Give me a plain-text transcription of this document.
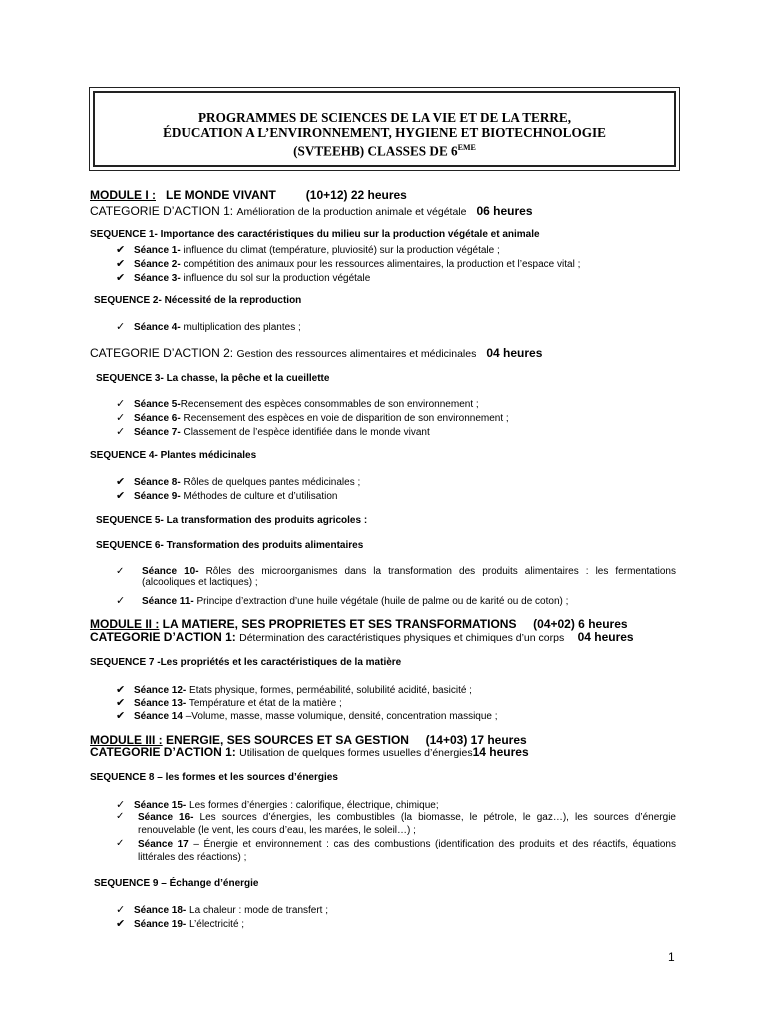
PROGRAMMES DE SCIENCES DE LA VIE ET DE LA TERRE,
ÉDUCATION A L’ENVIRONNEMENT, HYGIENE ET BIOTECHNOLOGIE
(SVTEEHB) CLASSES DE 6EME
MODULE I : LE MONDE VIVANT	(10+12) 22 heures
CATEGORIE D’ACTION 1: Amélioration de la production animale et végétale 06 heures
SEQUENCE 1- Importance des caractéristiques du milieu sur la production végétale et animale
✔ Séance 1- influence du climat (température, pluviosité) sur la production végétale ;
✔ Séance 2- compétition des animaux pour les ressources alimentaires, la production et l’espace vital ;
✔ Séance 3- influence du sol sur la production végétale
SEQUENCE 2- Nécessité de la reproduction
✓ Séance 4- multiplication des plantes ;
CATEGORIE D’ACTION 2: Gestion des ressources alimentaires et médicinales 04 heures
SEQUENCE 3- La chasse, la pêche et la cueillette
✓ Séance 5-Recensement des espèces consommables de son environnement ;
✓ Séance 6- Recensement des espèces en voie de disparition de son environnement ;
✓ Séance 7- Classement de l’espèce identifiée dans le monde vivant
SEQUENCE 4- Plantes médicinales
✔ Séance 8- Rôles de quelques pantes médicinales ;
✔ Séance 9- Méthodes de culture et d’utilisation
SEQUENCE 5- La transformation des produits agricoles :
SEQUENCE 6- Transformation des produits alimentaires
✓ Séance 10- Rôles des microorganismes dans la transformation des produits alimentaires : les fermentations (alcooliques et lactiques) ;
✓ Séance 11- Principe d’extraction d’une huile végétale (huile de palme ou de karité ou de coton) ;
MODULE II : LA MATIERE, SES PROPRIETES ET SES TRANSFORMATIONS (04+02) 6 heures
CATEGORIE D’ACTION 1: Détermination des caractéristiques physiques et chimiques d’un corps 04 heures
SEQUENCE 7 -Les propriétés et les caractéristiques de la matière
✔ Séance 12- Etats physique, formes, perméabilité, solubilité acidité, basicité ;
✔ Séance 13- Température et état de la matière ;
✔ Séance 14 –Volume, masse, masse volumique, densité, concentration massique ;
MODULE III : ENERGIE, SES SOURCES ET SA GESTION (14+03) 17 heures
CATEGORIE D’ACTION 1: Utilisation de quelques formes usuelles d’énergies14 heures
SEQUENCE 8 – les formes et les sources d’énergies
✓ Séance 15- Les formes d’énergies : calorifique, électrique, chimique;
✓ Séance 16- Les sources d’énergies, les combustibles (la biomasse, le pétrole, le gaz…), les sources d’énergie renouvelable (le vent, les cours d’eau, les marées, le soleil…) ;
✓ Séance 17 – Énergie et environnement : cas des combustions (identification des produits et des réactifs, équations littérales des réactions) ;
SEQUENCE 9 – Échange d’énergie
✓ Séance 18- La chaleur : mode de transfert ;
✔ Séance 19- L’électricité ;
1
